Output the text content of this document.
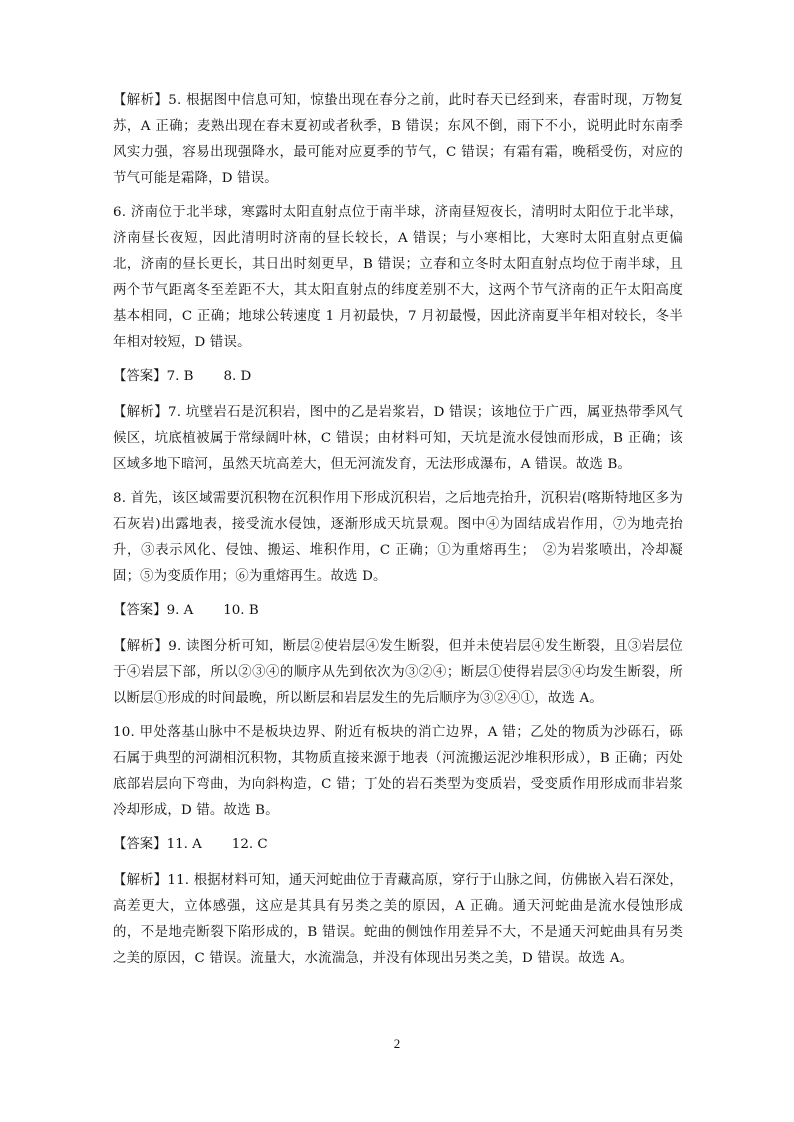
【解析】5. 根据图中信息可知，惊蛰出现在春分之前，此时春天已经到来，春雷时现，万物复苏，A 正确；麦熟出现在春末夏初或者秋季，B 错误；东风不倒，雨下不小，说明此时东南季风实力强，容易出现强降水，最可能对应夏季的节气，C 错误；有霜有霜，晚稻受伤，对应的节气可能是霜降，D 错误。

6. 济南位于北半球，寒露时太阳直射点位于南半球，济南昼短夜长，清明时太阳位于北半球，济南昼长夜短，因此清明时济南的昼长较长，A 错误；与小寒相比，大寒时太阳直射点更偏北，济南的昼长更长，其日出时刻更早，B 错误；立春和立冬时太阳直射点均位于南半球，且两个节气距离冬至差距不大，其太阳直射点的纬度差别不大，这两个节气济南的正午太阳高度基本相同，C 正确；地球公转速度 1 月初最快，7 月初最慢，因此济南夏半年相对较长，冬半年相对较短，D 错误。

【答案】7. B 8. D

【解析】7. 坑壁岩石是沉积岩，图中的乙是岩浆岩，D 错误；该地位于广西，属亚热带季风气候区，坑底植被属于常绿阔叶林，C 错误；由材料可知，天坑是流水侵蚀而形成，B 正确；该区域多地下暗河，虽然天坑高差大，但无河流发育，无法形成瀑布，A 错误。故选 B。

8. 首先，该区域需要沉积物在沉积作用下形成沉积岩，之后地壳抬升，沉积岩(喀斯特地区多为石灰岩)出露地表，接受流水侵蚀，逐渐形成天坑景观。图中④为固结成岩作用，⑦为地壳抬升，③表示风化、侵蚀、搬运、堆积作用，C 正确；①为重熔再生；　②为岩浆喷出，冷却凝固；⑤为变质作用；⑥为重熔再生。故选 D。

【答案】9. A 10. B

【解析】9. 读图分析可知，断层②使岩层④发生断裂，但并未使岩层④发生断裂，且③岩层位于④岩层下部，所以②③④的顺序从先到依次为③②④；断层①使得岩层③④均发生断裂，所以断层①形成的时间最晚，所以断层和岩层发生的先后顺序为③②④①，故选 A。

10. 甲处落基山脉中不是板块边界、附近有板块的消亡边界，A 错；乙处的物质为沙砾石，砾石属于典型的河湖相沉积物，其物质直接来源于地表（河流搬运泥沙堆积形成），B 正确；丙处底部岩层向下弯曲，为向斜构造，C 错；丁处的岩石类型为变质岩，受变质作用形成而非岩浆冷却形成，D 错。故选 B。

【答案】11. A 12. C

【解析】11. 根据材料可知，通天河蛇曲位于青藏高原，穿行于山脉之间，仿佛嵌入岩石深处，高差更大，立体感强，这应是其具有另类之美的原因，A 正确。通天河蛇曲是流水侵蚀形成的，不是地壳断裂下陷形成的，B 错误。蛇曲的侧蚀作用差异不大，不是通天河蛇曲具有另类之美的原因，C 错误。流量大，水流湍急，并没有体现出另类之美，D 错误。故选 A。

2
